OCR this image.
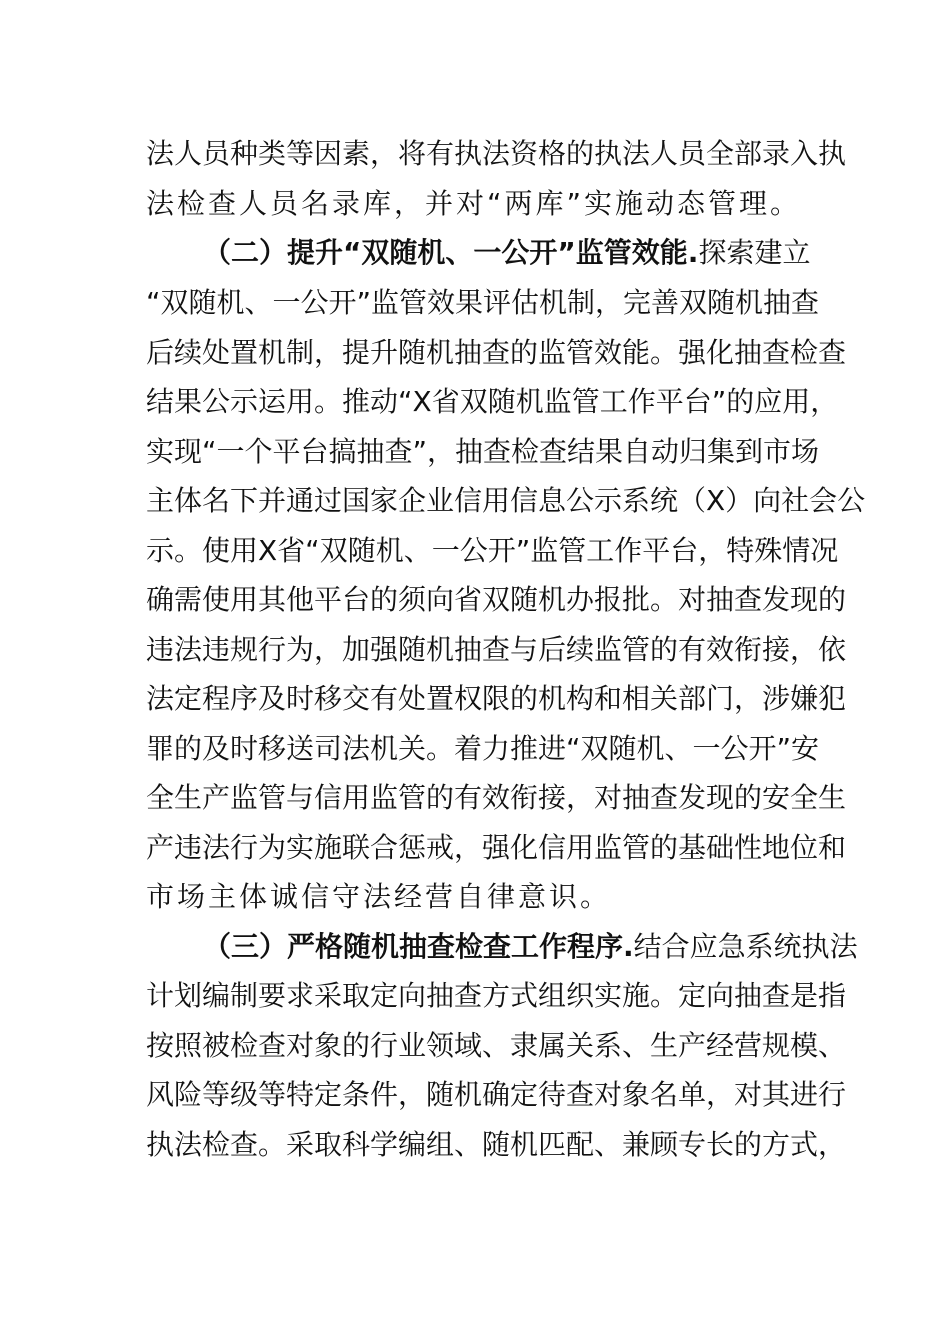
法人员种类等因素，将有执法资格的执法人员全部录入执
法检查人员名录库，并对“两库”实施动态管理。
（二）提升“双随机、一公开”监管效能.探索建立
“双随机、一公开”监管效果评估机制，完善双随机抽查
后续处置机制，提升随机抽查的监管效能。强化抽查检查
结果公示运用。推动“X省双随机监管工作平台”的应用，
实现“一个平台搞抽查”，抽查检查结果自动归集到市场
主体名下并通过国家企业信用信息公示系统（X）向社会公
示。使用X省“双随机、一公开”监管工作平台，特殊情况
确需使用其他平台的须向省双随机办报批。对抽查发现的
违法违规行为，加强随机抽查与后续监管的有效衔接，依
法定程序及时移交有处置权限的机构和相关部门，涉嫌犯
罪的及时移送司法机关。着力推进“双随机、一公开”安
全生产监管与信用监管的有效衔接，对抽查发现的安全生
产违法行为实施联合惩戒，强化信用监管的基础性地位和
市场主体诚信守法经营自律意识。
（三）严格随机抽查检查工作程序.结合应急系统执法
计划编制要求采取定向抽查方式组织实施。定向抽查是指
按照被检查对象的行业领域、隶属关系、生产经营规模、
风险等级等特定条件，随机确定待查对象名单，对其进行
执法检查。采取科学编组、随机匹配、兼顾专长的方式，
